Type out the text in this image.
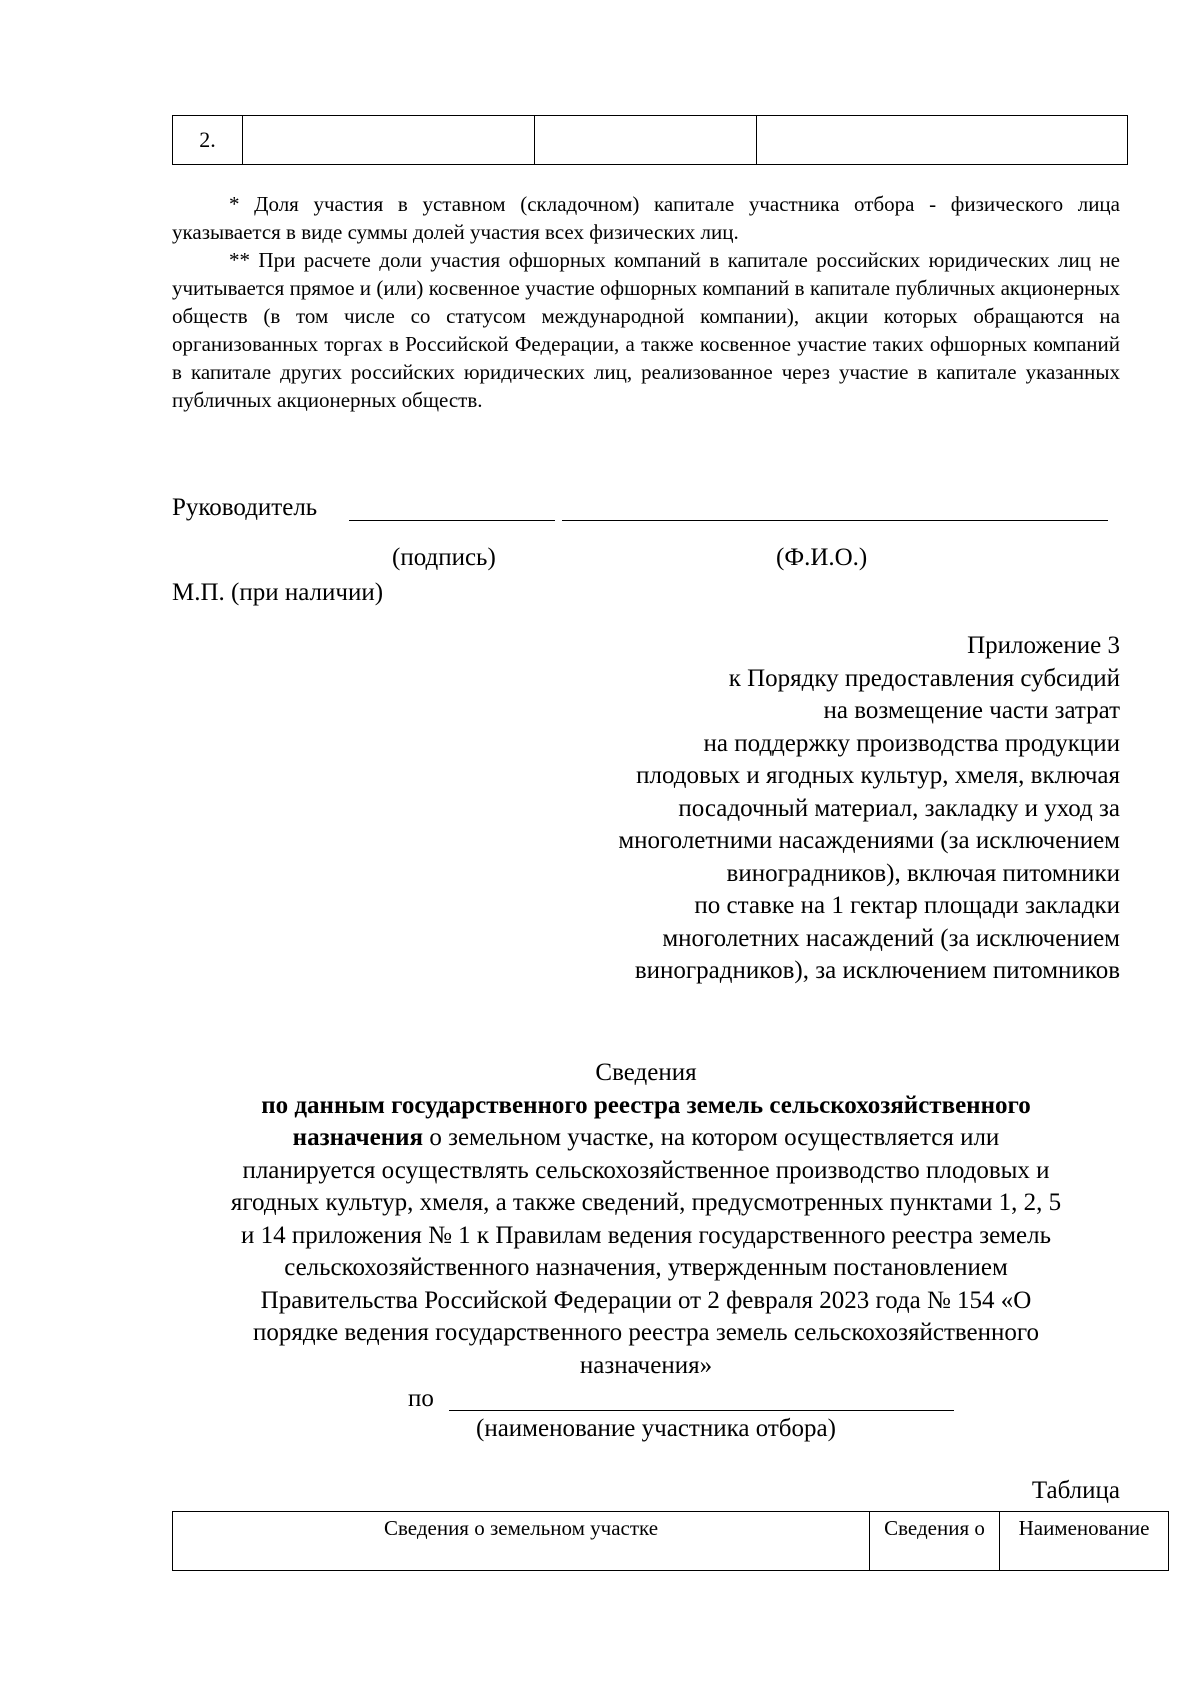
2.			

* Доля участия в уставном (складочном) капитале участника отбора - физического лица указывается в виде суммы долей участия всех физических лиц.

** При расчете доли участия офшорных компаний в капитале российских юридических лиц не учитывается прямое и (или) косвенное участие офшорных компаний в капитале публичных акционерных обществ (в том числе со статусом международной компании), акции которых обращаются на организованных торгах в Российской Федерации, а также косвенное участие таких офшорных компаний в капитале других российских юридических лиц, реализованное через участие в капитале указанных публичных акционерных обществ.

Руководитель
(подпись)	(Ф.И.О.)
М.П. (при наличии)
Приложение 3
к Порядку предоставления субсидий
на возмещение части затрат
на поддержку производства продукции
плодовых и ягодных культур, хмеля, включая
посадочный материал, закладку и уход за
многолетними насаждениями (за исключением
виноградников), включая питомники
по ставке на 1 гектар площади закладки
многолетних насаждений (за исключением
виноградников), за исключением питомников
Сведения
по данным государственного реестра земель сельскохозяйственного
назначения о земельном участке, на котором осуществляется или
планируется осуществлять сельскохозяйственное производство плодовых и
ягодных культур, хмеля, а также сведений, предусмотренных пунктами 1, 2, 5
и 14 приложения № 1 к Правилам ведения государственного реестра земель
сельскохозяйственного назначения, утвержденным постановлением
Правительства Российской Федерации от 2 февраля 2023 года № 154 «О
порядке ведения государственного реестра земель сельскохозяйственного
назначения»
по
(наименование участника отбора)
Таблица
Сведения о земельном участке	Сведения о	Наименование
